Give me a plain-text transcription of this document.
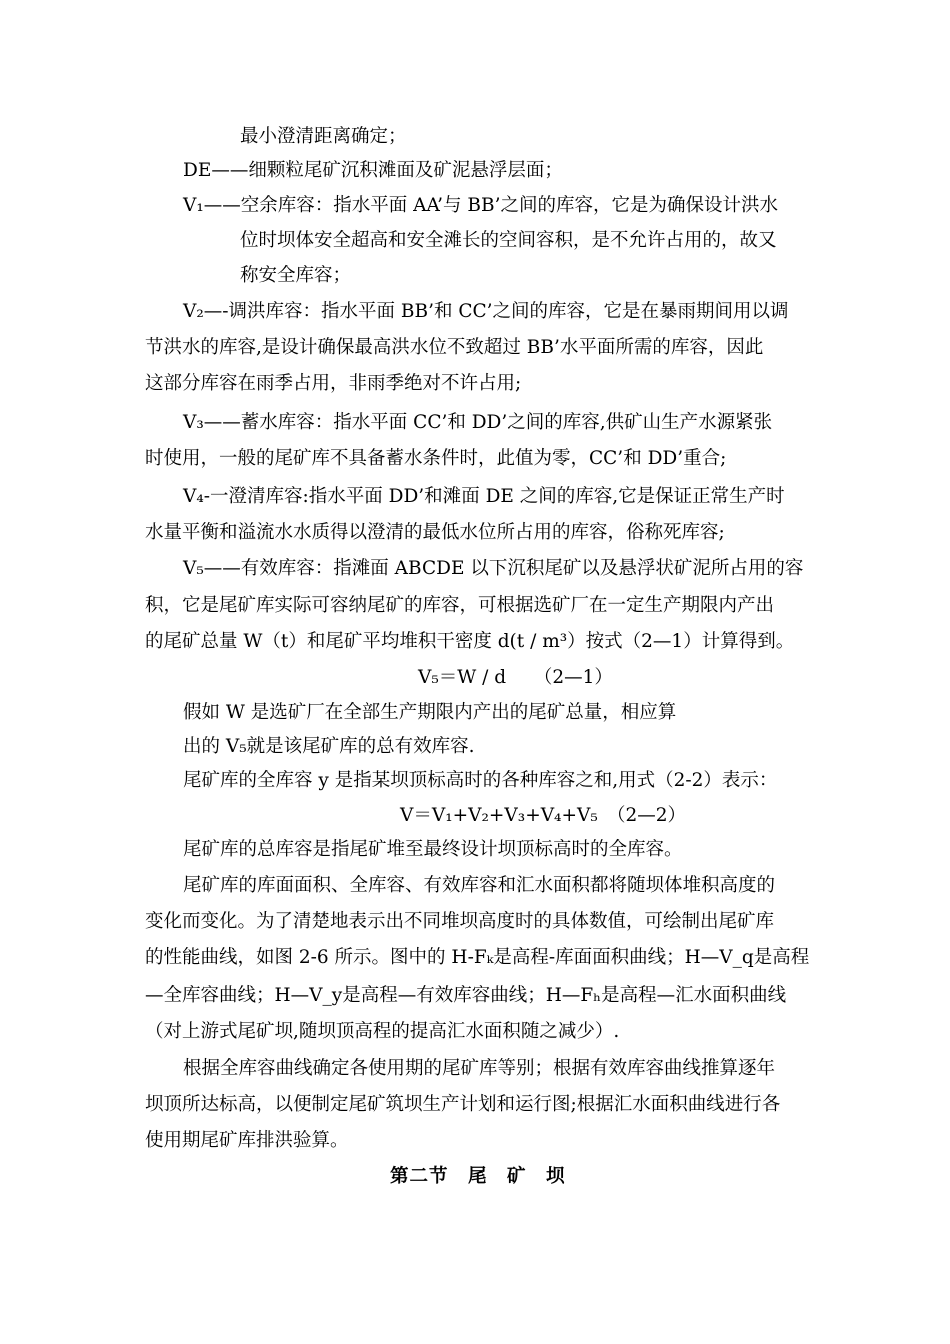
最小澄清距离确定；
DE——细颗粒尾矿沉积滩面及矿泥悬浮层面；
V₁——空余库容：指水平面 AA’与 BB’之间的库容，它是为确保设计洪水
位时坝体安全超高和安全滩长的空间容积，是不允许占用的，故又
称安全库容；
V₂—-调洪库容：指水平面 BB’和 CC’之间的库容，它是在暴雨期间用以调
节洪水的库容,是设计确保最高洪水位不致超过 BB’水平面所需的库容，因此
这部分库容在雨季占用，非雨季绝对不许占用;
V₃——蓄水库容：指水平面 CC’和 DD’之间的库容,供矿山生产水源紧张
时使用，一般的尾矿库不具备蓄水条件时，此值为零，CC’和 DD’重合;
V₄-一澄清库容:指水平面 DD’和滩面 DE 之间的库容,它是保证正常生产时
水量平衡和溢流水水质得以澄清的最低水位所占用的库容，俗称死库容;
V₅——有效库容：指滩面 ABCDE 以下沉积尾矿以及悬浮状矿泥所占用的容
积，它是尾矿库实际可容纳尾矿的库容，可根据选矿厂在一定生产期限内产出
的尾矿总量 W（t）和尾矿平均堆积干密度 d(t / m³）按式（2—1）计算得到。
V₅＝W / d　　（2—1）
假如 W 是选矿厂在全部生产期限内产出的尾矿总量，相应算
出的 V₅就是该尾矿库的总有效库容.
尾矿库的全库容 y 是指某坝顶标高时的各种库容之和,用式（2-2）表示：
V＝V₁+V₂+V₃+V₄+V₅　（2—2）
尾矿库的总库容是指尾矿堆至最终设计坝顶标高时的全库容。
尾矿库的库面面积、全库容、有效库容和汇水面积都将随坝体堆积高度的
变化而变化。为了清楚地表示出不同堆坝高度时的具体数值，可绘制出尾矿库
的性能曲线，如图 2-6 所示。图中的 H-Fₖ是高程-库面面积曲线；H—V_q是高程
—全库容曲线；H—V_y是高程—有效库容曲线；H—Fₕ是高程—汇水面积曲线
（对上游式尾矿坝,随坝顶高程的提高汇水面积随之减少）.
根据全库容曲线确定各使用期的尾矿库等别；根据有效库容曲线推算逐年
坝顶所达标高，以便制定尾矿筑坝生产计划和运行图;根据汇水面积曲线进行各
使用期尾矿库排洪验算。
第二节　尾　矿　坝
